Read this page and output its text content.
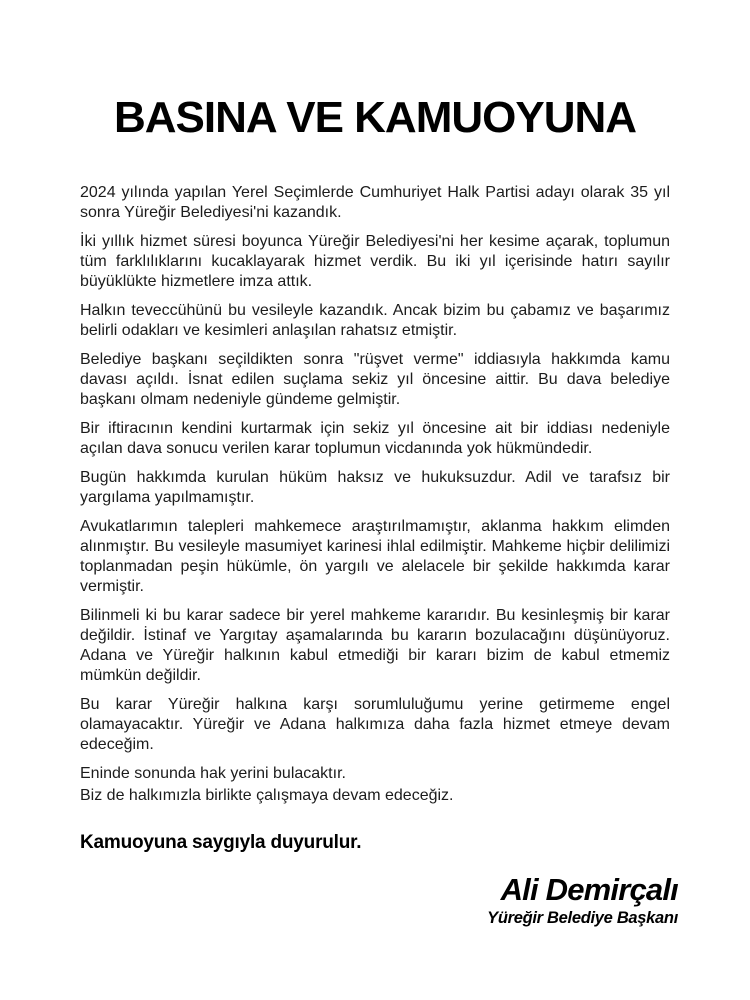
BASINA VE KAMUOYUNA

2024 yılında yapılan Yerel Seçimlerde Cumhuriyet Halk Partisi adayı olarak 35 yıl sonra Yüreğir Belediyesi'ni kazandık.

İki yıllık hizmet süresi boyunca Yüreğir Belediyesi'ni her kesime açarak, toplumun tüm farklılıklarını kucaklayarak hizmet verdik. Bu iki yıl içerisinde hatırı sayılır büyüklükte hizmetlere imza attık.

Halkın teveccühünü bu vesileyle kazandık. Ancak bizim bu çabamız ve başarımız belirli odakları ve kesimleri anlaşılan rahatsız etmiştir.

Belediye başkanı seçildikten sonra "rüşvet verme" iddiasıyla hakkımda kamu davası açıldı. İsnat edilen suçlama sekiz yıl öncesine aittir. Bu dava belediye başkanı olmam nedeniyle gündeme gelmiştir.

Bir iftiracının kendini kurtarmak için sekiz yıl öncesine ait bir iddiası nedeniyle açılan dava sonucu verilen karar toplumun vicdanında yok hükmündedir.

Bugün hakkımda kurulan hüküm haksız ve hukuksuzdur. Adil ve tarafsız bir yargılama yapılmamıştır.

Avukatlarımın talepleri mahkemece araştırılmamıştır, aklanma hakkım elimden alınmıştır. Bu vesileyle masumiyet karinesi ihlal edilmiştir. Mahkeme hiçbir delilimizi toplanmadan peşin hükümle, ön yargılı ve alelacele bir şekilde hakkımda karar vermiştir.

Bilinmeli ki bu karar sadece bir yerel mahkeme kararıdır. Bu kesinleşmiş bir karar değildir. İstinaf ve Yargıtay aşamalarında bu kararın bozulacağını düşünüyoruz. Adana ve Yüreğir halkının kabul etmediği bir kararı bizim de kabul etmemiz mümkün değildir.

Bu karar Yüreğir halkına karşı sorumluluğumu yerine getirmeme engel olamayacaktır. Yüreğir ve Adana halkımıza daha fazla hizmet etmeye devam edeceğim.

Eninde sonunda hak yerini bulacaktır.

Biz de halkımızla birlikte çalışmaya devam edeceğiz.

Kamuoyuna saygıyla duyurulur.

Ali Demirçalı
Yüreğir Belediye Başkanı
